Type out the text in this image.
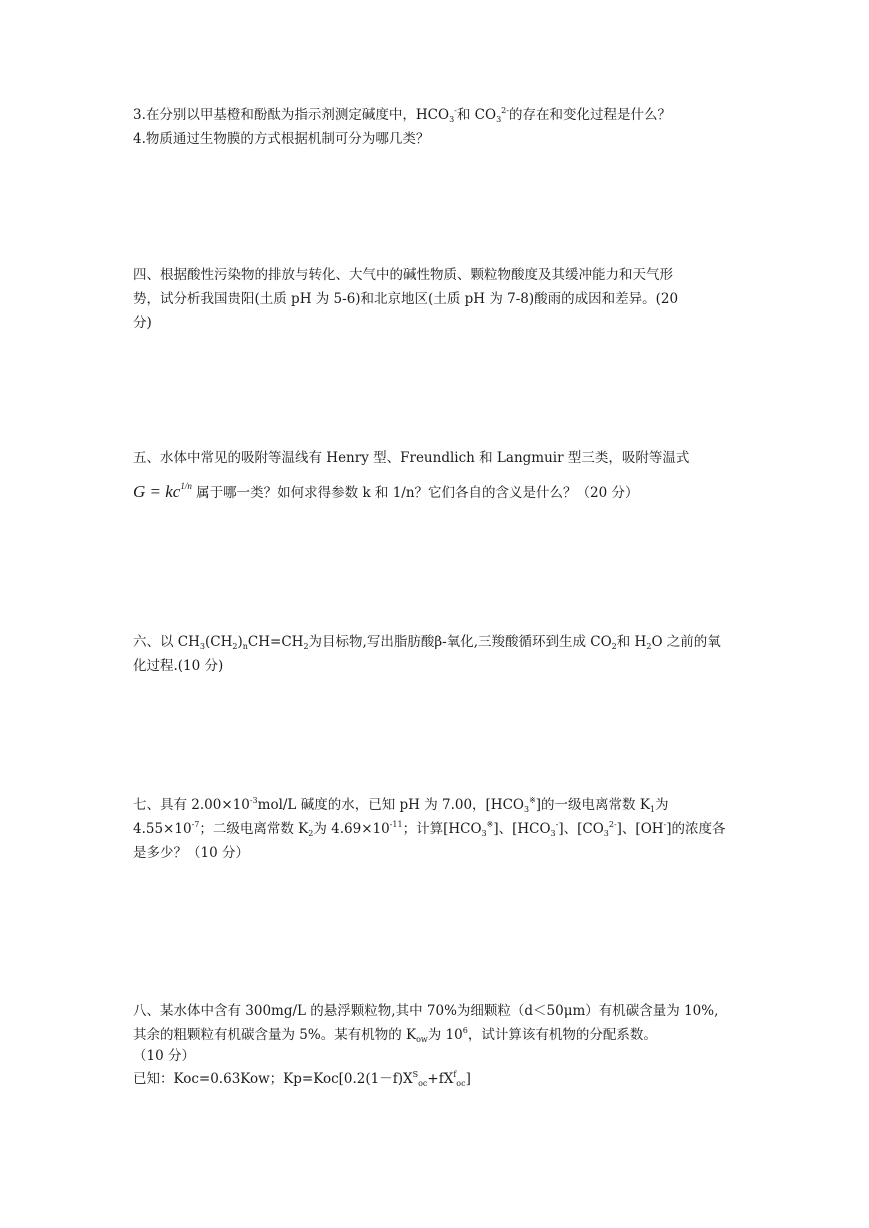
3.在分别以甲基橙和酚酞为指示剂测定碱度中，$HCO_3^-$和 $CO_3^{2-}$的存在和变化过程是什么？
4.物质通过生物膜的方式根据机制可分为哪几类？
四、根据酸性污染物的排放与转化、大气中的碱性物质、颗粒物酸度及其缓冲能力和天气形
势，试分析我国贵阳(土质 pH 为 5-6)和北京地区(土质 pH 为 7-8)酸雨的成因和差异。(20
分)
五、水体中常见的吸附等温线有 Henry 型、Freundlich 和 Langmuir 型三类，吸附等温式
$G = kc^{1/n}$ 属于哪一类？如何求得参数 k 和 1/n？它们各自的含义是什么？（20 分）
六、以 $CH_3(CH_2)_nCH=CH_2$为目标物,写出脂肪酸β-氧化,三羧酸循环到生成 $CO_2$和 $H_2O$ 之前的氧
化过程.(10 分)
七、具有 $2.00\times 10^{-3}mol/L$ 碱度的水，已知 pH 为 7.00，$[HCO_3^※]$的一级电离常数 $K_1$为
$4.55\times 10^{-7}$；二级电离常数 $K_2$为 $4.69\times 10^{-11}$；计算$[HCO_3^※]$、$[HCO_3^-]$、$[CO_3^{2-}]$、[OH-]的浓度各
是多少？（10 分）
八、某水体中含有 300mg/L 的悬浮颗粒物,其中 70%为细颗粒（d＜50μm）有机碳含量为 10%,
其余的粗颗粒有机碳含量为 5%。某有机物的 $K_{ow}$为 $10^6$，试计算该有机物的分配系数。
（10 分）
已知：Koc=0.63Kow；$Kp=Koc[0.2(1-f)X^S_{oc}+fX^f_{oc}]$
